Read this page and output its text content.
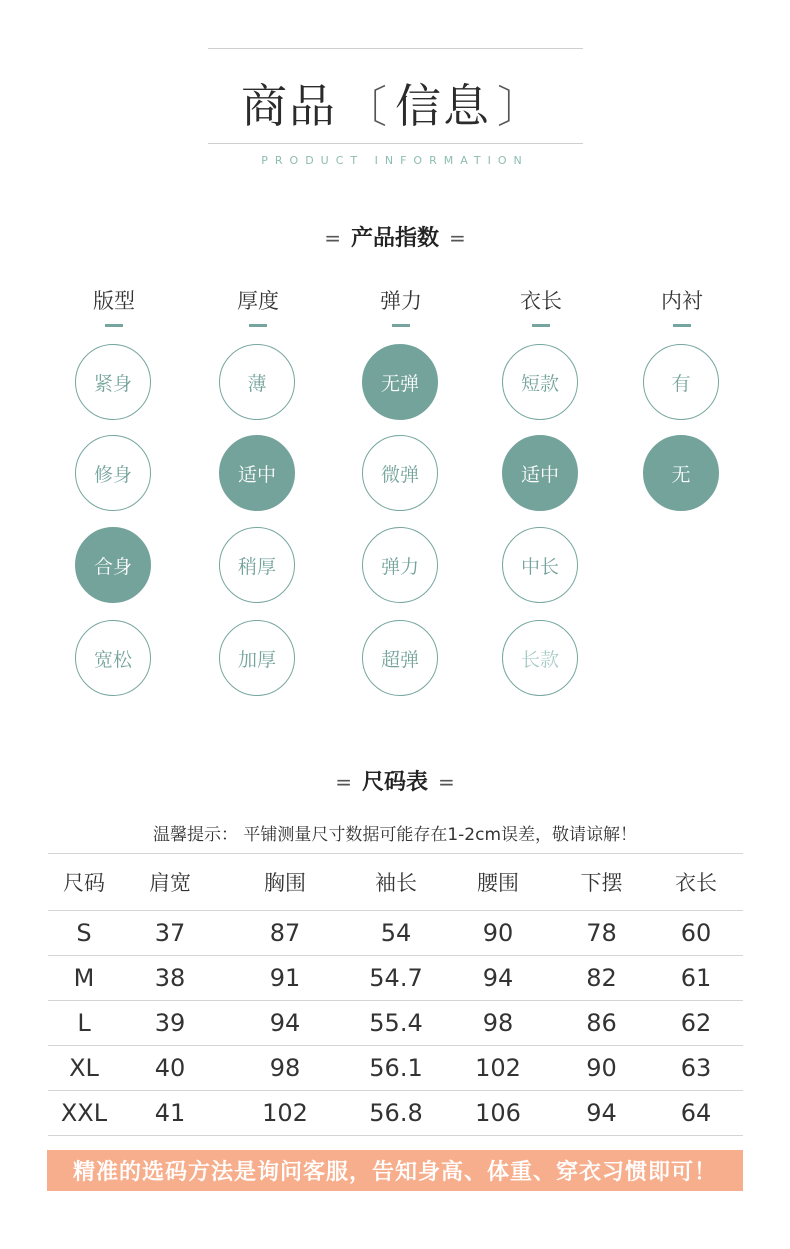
商品 〔 信息 〕
PRODUCT INFORMATION
= 产品指数 =
版型
紧身
修身
合身
宽松
厚度
薄
适中
稍厚
加厚
弹力
无弹
微弹
弹力
超弹
衣长
短款
适中
中长
长款
内衬
有
无
= 尺码表 =
温馨提示： 平铺测量尺寸数据可能存在1-2cm误差，敬请谅解！
尺码	肩宽	胸围	袖长	腰围	下摆	衣长
S	37	87	54	90	78	60
M	38	91	54.7	94	82	61
L	39	94	55.4	98	86	62
XL	40	98	56.1	102	90	63
XXL	41	102	56.8	106	94	64
精准的选码方法是询问客服，告知身高、体重、穿衣习惯即可！
